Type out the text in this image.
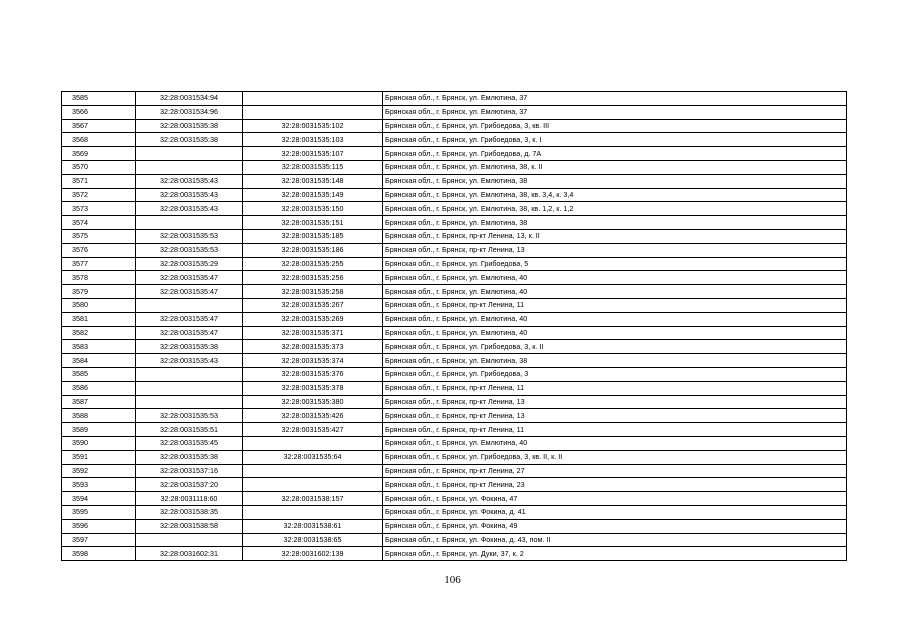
3585	32:28:0031534:94		Брянская обл., г. Брянск, ул. Емлютина, 37
3566	32:28:0031534:96		Брянская обл., г. Брянск, ул. Емлютина, 37
3567	32:28:0031535:38	32:28:0031535:102	Брянская обл., г. Брянск, ул. Грибоедова, 3, кв. III
3568	32:28:0031535:38	32:28:0031535:103	Брянская обл., г. Брянск, ул. Грибоедова, 3, к. I
3569		32:28:0031535:107	Брянская обл., г. Брянск, ул. Грибоедова, д. 7А
3570		32:28:0031535:115	Брянская обл., г. Брянск, ул. Емлютина, 38, к. II
3571	32:28:0031535:43	32:28:0031535:148	Брянская обл., г. Брянск, ул. Емлютина, 38
3572	32:28:0031535:43	32:28:0031535:149	Брянская обл., г. Брянск, ул. Емлютина, 38, кв. 3,4, к. 3,4
3573	32:28:0031535:43	32:28:0031535:150	Брянская обл., г. Брянск, ул. Емлютина, 38, кв. 1,2, к. 1,2
3574		32:28:0031535:151	Брянская обл., г. Брянск, ул. Емлютина, 38
3575	32:28:0031535:53	32:28:0031535:185	Брянская обл., г. Брянск, пр-кт Ленина, 13, к. II
3576	32:28:0031535:53	32:28:0031535:186	Брянская обл., г. Брянск, пр-кт Ленина, 13
3577	32:28:0031535:29	32:28:0031535:255	Брянская обл., г. Брянск, ул. Грибоедова, 5
3578	32:28:0031535:47	32:28:0031535:256	Брянская обл., г. Брянск, ул. Емлютина, 40
3579	32:28:0031535:47	32:28:0031535:258	Брянская обл., г. Брянск, ул. Емлютина, 40
3580		32:28:0031535:267	Брянская обл., г. Брянск, пр-кт Ленина, 11
3581	32:28:0031535:47	32:28:0031535:269	Брянская обл., г. Брянск, ул. Емлютина, 40
3582	32:28:0031535:47	32:28:0031535:371	Брянская обл., г. Брянск, ул. Емлютина, 40
3583	32:28:0031535:38	32:28:0031535:373	Брянская обл., г. Брянск, ул. Грибоедова, 3, к. II
3584	32:28:0031535:43	32:28:0031535:374	Брянская обл., г. Брянск, ул. Емлютина, 38
3585		32:28:0031535:376	Брянская обл., г. Брянск, ул. Грибоедова, 3
3586		32:28:0031535:378	Брянская обл., г. Брянск, пр-кт Ленина, 11
3587		32:28:0031535:380	Брянская обл., г. Брянск, пр-кт Ленина, 13
3588	32:28:0031535:53	32:28:0031535:426	Брянская обл., г. Брянск, пр-кт Ленина, 13
3589	32:28:0031535:51	32:28:0031535:427	Брянская обл., г. Брянск, пр-кт Ленина, 11
3590	32:28:0031535:45		Брянская обл., г. Брянск, ул. Емлютина, 40
3591	32:28:0031535:38	32:28:0031535:64	Брянская обл., г. Брянск, ул. Грибоедова, 3, кв. II, к. II
3592	32:28:0031537:16		Брянская обл., г. Брянск, пр-кт Ленина, 27
3593	32:28:0031537:20		Брянская обл., г. Брянск, пр-кт Ленина, 23
3594	32:28:0031118:60	32:28:0031538:157	Брянская обл., г. Брянск, ул. Фокина, 47
3595	32:28:0031538:35		Брянская обл., г. Брянск, ул. Фокина, д. 41
3596	32:28:0031538:58	32:28:0031538:61	Брянская обл., г. Брянск, ул. Фокина, 49
3597		32:28:0031538:65	Брянская обл., г. Брянск, ул. Фокина, д. 43, пом. II
3598	32:28:0031602:31	32:28:0031602:139	Брянская обл., г. Брянск, ул. Дуки, 37, к. 2
106
